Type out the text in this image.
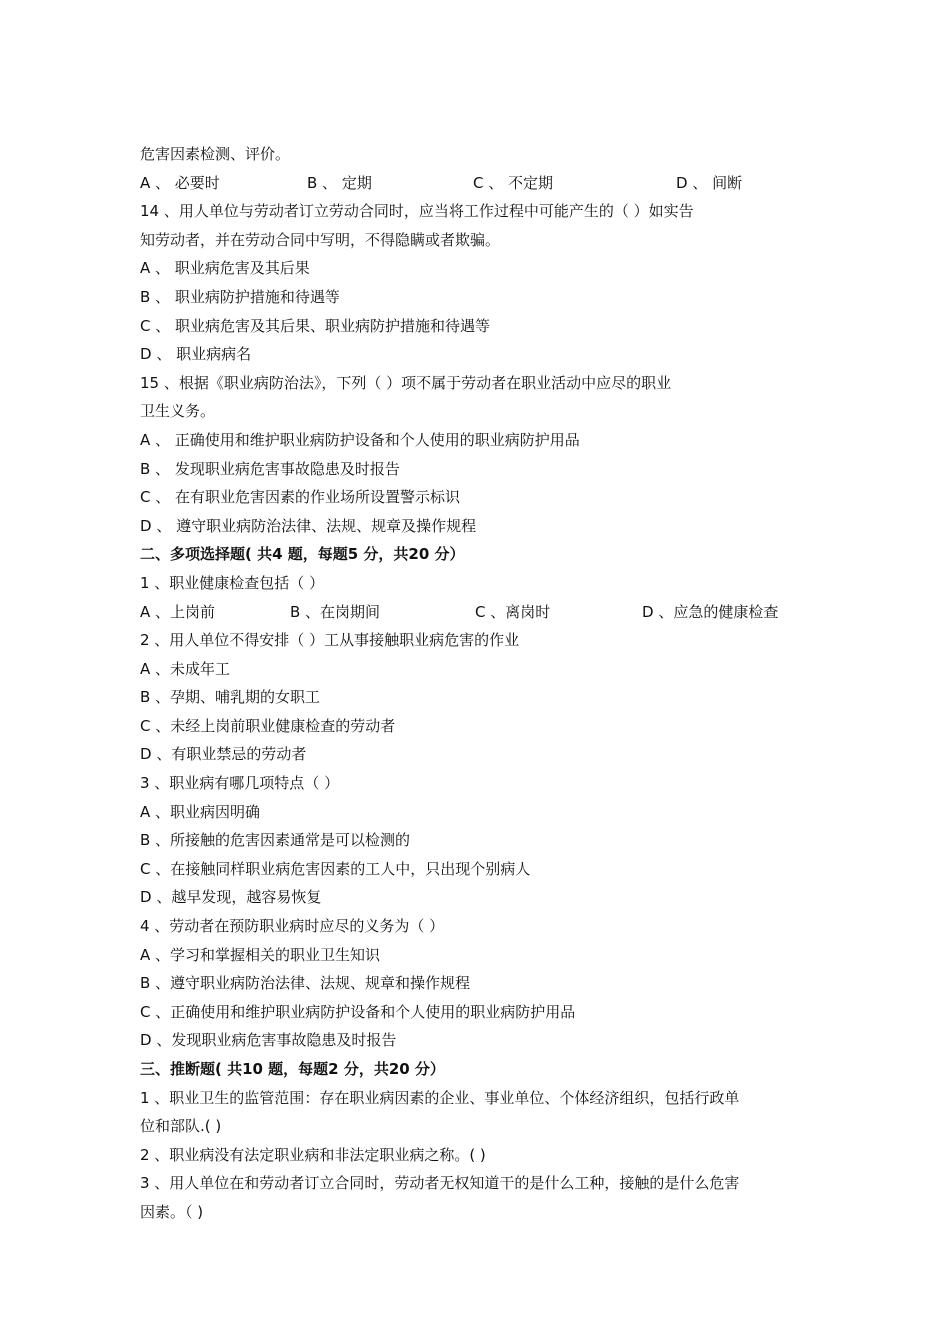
危害因素检测、评价。
A 、 必要时	B 、 定期	C 、 不定期	D 、 间断
14 、用人单位与劳动者订立劳动合同时，应当将工作过程中可能产生的（ ）如实告
知劳动者，并在劳动合同中写明，不得隐瞒或者欺骗。
A 、 职业病危害及其后果
B 、 职业病防护措施和待遇等
C 、 职业病危害及其后果、职业病防护措施和待遇等
D 、 职业病病名
15 、根据《职业病防治法》，下列（ ）项不属于劳动者在职业活动中应尽的职业
卫生义务。
A 、 正确使用和维护职业病防护设备和个人使用的职业病防护用品
B 、 发现职业病危害事故隐患及时报告
C 、 在有职业危害因素的作业场所设置警示标识
D 、 遵守职业病防治法律、法规、规章及操作规程
二、多项选择题( 共4 题，每题5 分，共20 分）
1 、职业健康检查包括（ ）
A 、上岗前	B 、在岗期间	C 、离岗时	D 、应急的健康检查
2 、用人单位不得安排（ ）工从事接触职业病危害的作业
A 、未成年工
B 、孕期、哺乳期的女职工
C 、未经上岗前职业健康检查的劳动者
D 、有职业禁忌的劳动者
3 、职业病有哪几项特点（ ）
A 、职业病因明确
B 、所接触的危害因素通常是可以检测的
C 、在接触同样职业病危害因素的工人中，只出现个别病人
D 、越早发现，越容易恢复
4 、劳动者在预防职业病时应尽的义务为（ ）
A 、学习和掌握相关的职业卫生知识
B 、遵守职业病防治法律、法规、规章和操作规程
C 、正确使用和维护职业病防护设备和个人使用的职业病防护用品
D 、发现职业病危害事故隐患及时报告
三、推断题( 共10 题，每题2 分，共20 分）
1 、职业卫生的监管范围：存在职业病因素的企业、事业单位、个体经济组织，包括行政单
位和部队.( )
2 、职业病没有法定职业病和非法定职业病之称。( )
3 、用人单位在和劳动者订立合同时，劳动者无权知道干的是什么工种，接触的是什么危害
因素。（ )
